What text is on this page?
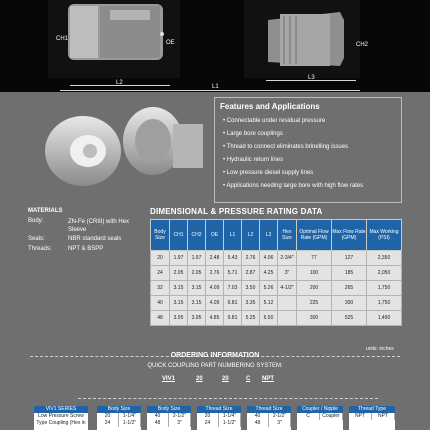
CH1
OE
L2
CH2
L3
L1
Features and Applications
• Connectable under residual pressure
• Large bore couplings
• Thread to connect eliminates brinelling issues
• Hydraulic return lines
• Low pressure diesel supply lines
• Applications needing large bore with high flow rates
MATERIALS
Body:	ZN-Fe (CRIII) with Hex Sleeve
Seals:	NBR standard seals
Threads:	NPT & BSPP
DIMENSIONAL & PRESSURE RATING DATA
Body Size	CH1	CH2	OE	L1	L2	L3	Hex Size	Optimal Flow Rate (GPM)	Max Flow Rate (GPM)	Max Working (PSI)
20	1.97	1.97	2.48	5.43	2.76	4.06	2-3/4"	77	127	2,350
24	2.05	2.05	2.76	5.71	2.87	4.25	3"	100	185	2,050
32	3.15	3.15	4.09	7.03	3.50	5.26	4-1/2"	200	265	1,750
40	3.15	3.15	4.09	6.81	3.35	5.12		225	300	1,750
48	3.95	3.95	4.85	9.81	5.25	6.50		300	525	1,490
units: inches
ORDERING INFORMATION
QUICK COUPLING PART NUMBERING SYSTEM:
VIV1	20	20	C NPT
VIV1 SERIES
Low Pressure Screw
Type Coupling (Hex in
Body Size
20	1-1/4"
24	1-1/2"
Body Size
40	2-1/2"
48	3"
Thread Size
20	1-1/4"
24	1-1/2"
Thread Size
40	2-1/2"
48	3"
Coupler / Nipple
C	Coupler
Thread Type
NPT	NPT
